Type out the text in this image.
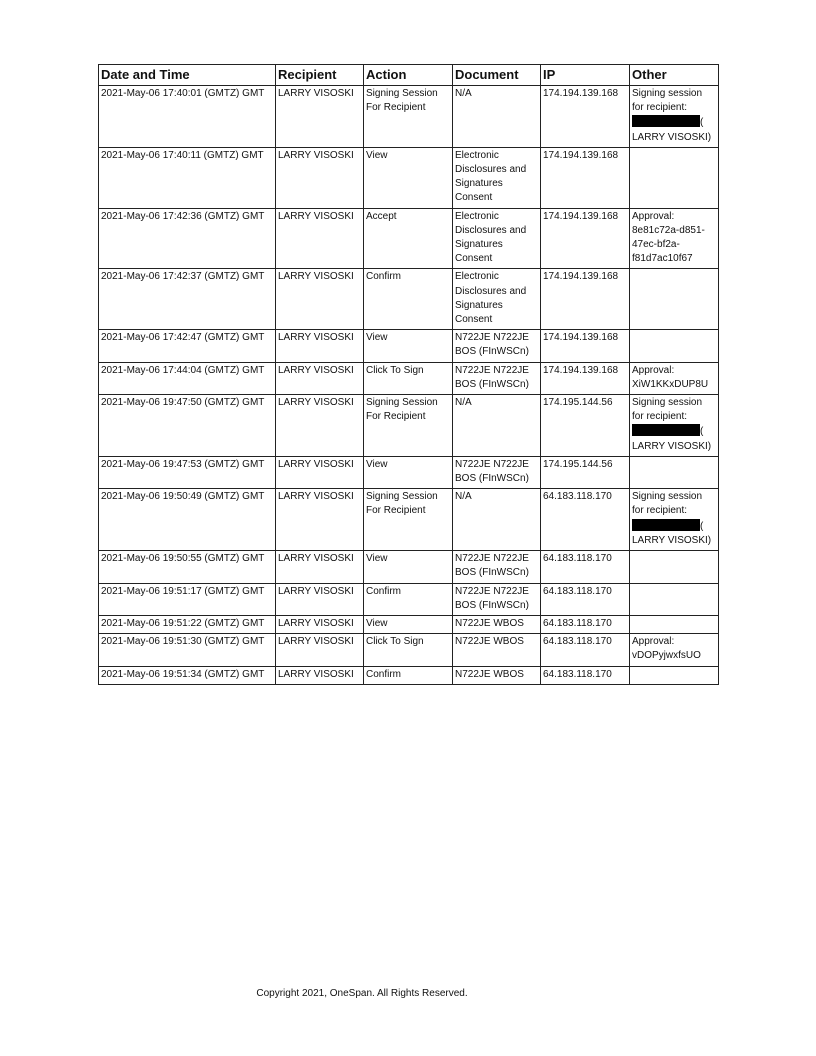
Date and Time	Recipient	Action	Document	IP	Other
2021-May-06 17:40:01 (GMTZ) GMT	LARRY VISOSKI	Signing Session For Recipient	N/A	174.194.139.168	Signing session for recipient:
( LARRY VISOSKI)
2021-May-06 17:40:11 (GMTZ) GMT	LARRY VISOSKI	View	Electronic Disclosures and Signatures Consent	174.194.139.168	
2021-May-06 17:42:36 (GMTZ) GMT	LARRY VISOSKI	Accept	Electronic Disclosures and Signatures Consent	174.194.139.168	Approval: 8e81c72a-d851-47ec-bf2a-f81d7ac10f67
2021-May-06 17:42:37 (GMTZ) GMT	LARRY VISOSKI	Confirm	Electronic Disclosures and Signatures Consent	174.194.139.168	
2021-May-06 17:42:47 (GMTZ) GMT	LARRY VISOSKI	View	N722JE N722JE BOS (FInWSCn)	174.194.139.168	
2021-May-06 17:44:04 (GMTZ) GMT	LARRY VISOSKI	Click To Sign	N722JE N722JE BOS (FInWSCn)	174.194.139.168	Approval: XiW1KKxDUP8U
2021-May-06 19:47:50 (GMTZ) GMT	LARRY VISOSKI	Signing Session For Recipient	N/A	174.195.144.56	Signing session for recipient:
( LARRY VISOSKI)
2021-May-06 19:47:53 (GMTZ) GMT	LARRY VISOSKI	View	N722JE N722JE BOS (FInWSCn)	174.195.144.56	
2021-May-06 19:50:49 (GMTZ) GMT	LARRY VISOSKI	Signing Session For Recipient	N/A	64.183.118.170	Signing session for recipient:
( LARRY VISOSKI)
2021-May-06 19:50:55 (GMTZ) GMT	LARRY VISOSKI	View	N722JE N722JE BOS (FInWSCn)	64.183.118.170	
2021-May-06 19:51:17 (GMTZ) GMT	LARRY VISOSKI	Confirm	N722JE N722JE BOS (FInWSCn)	64.183.118.170	
2021-May-06 19:51:22 (GMTZ) GMT	LARRY VISOSKI	View	N722JE WBOS	64.183.118.170	
2021-May-06 19:51:30 (GMTZ) GMT	LARRY VISOSKI	Click To Sign	N722JE WBOS	64.183.118.170	Approval: vDOPyjwxfsUO
2021-May-06 19:51:34 (GMTZ) GMT	LARRY VISOSKI	Confirm	N722JE WBOS	64.183.118.170	
Copyright 2021, OneSpan. All Rights Reserved.
